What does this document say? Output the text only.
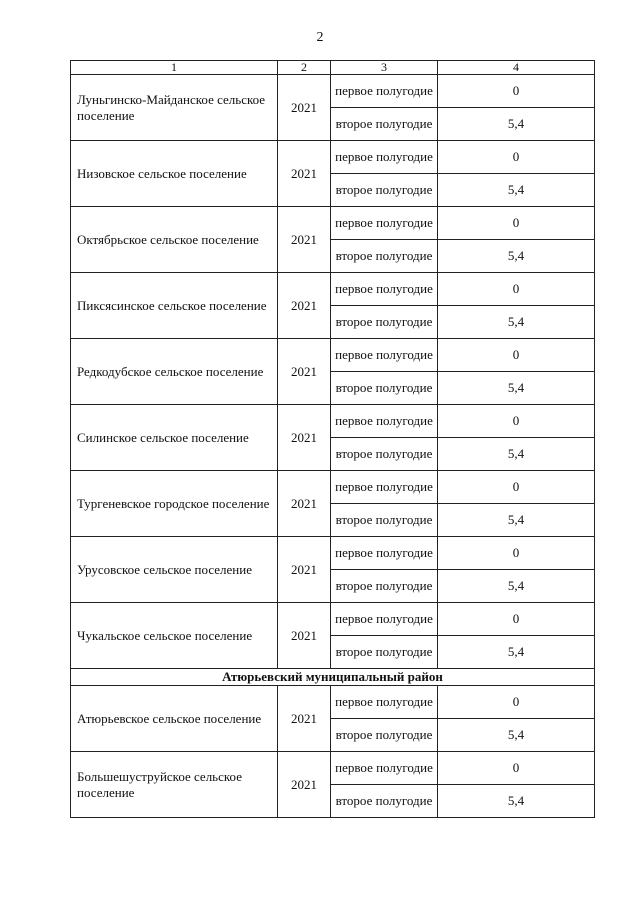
2
1	2	3	4
Луньгинско-Майданское сельское поселение	2021	первое полугодие	0
		второе полугодие	5,4
Низовское сельское поселение	2021	первое полугодие	0
		второе полугодие	5,4
Октябрьское сельское поселение	2021	первое полугодие	0
		второе полугодие	5,4
Пиксясинское сельское поселение	2021	первое полугодие	0
		второе полугодие	5,4
Редкодубское сельское поселение	2021	первое полугодие	0
		второе полугодие	5,4
Силинское сельское поселение	2021	первое полугодие	0
		второе полугодие	5,4
Тургеневское городское поселение	2021	первое полугодие	0
		второе полугодие	5,4
Урусовское сельское поселение	2021	первое полугодие	0
		второе полугодие	5,4
Чукальское сельское поселение	2021	первое полугодие	0
		второе полугодие	5,4
Атюрьевский муниципальный район			
Атюрьевское сельское поселение	2021	первое полугодие	0
		второе полугодие	5,4
Большешуструйское сельское поселение	2021	первое полугодие	0
		второе полугодие	5,4
